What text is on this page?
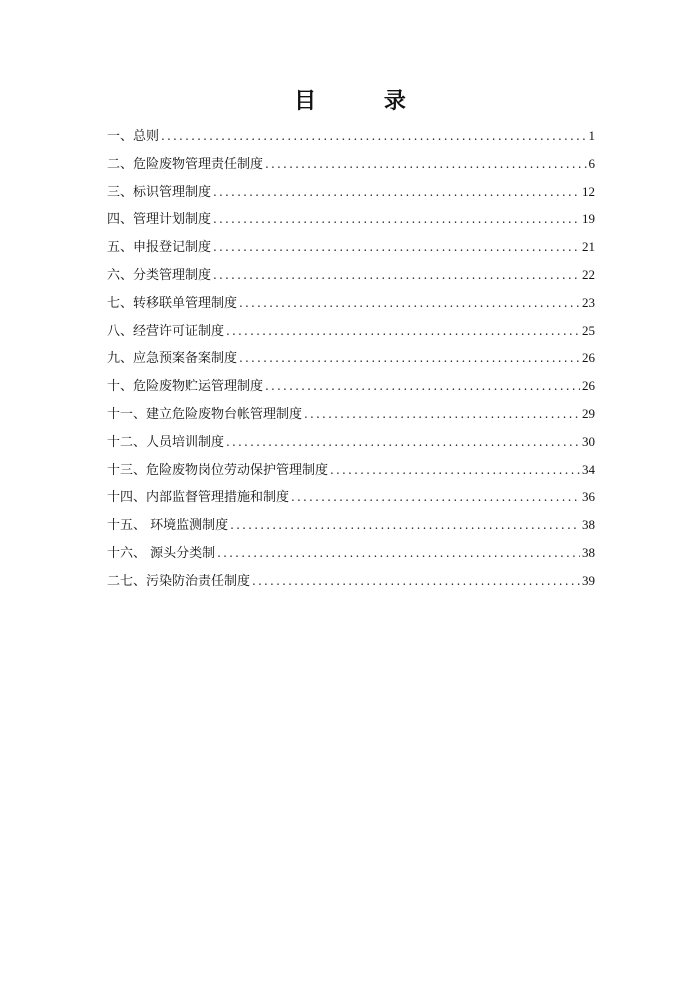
目 录
一、总则 .....	1
二、危险废物管理责任制度 .....	6
三、标识管理制度 .....	12
四、管理计划制度 .....	19
五、申报登记制度 .....	21
六、分类管理制度 .....	22
七、转移联单管理制度 .....	23
八、经营许可证制度 .....	25
九、应急预案备案制度 .....	26
十、危险废物贮运管理制度 .....	26
十一、建立危险废物台帐管理制度 .....	29
十二、人员培训制度 .....	30
十三、危险废物岗位劳动保护管理制度 .....	34
十四、内部监督管理措施和制度 .....	36
十五、 环境监测制度 .....	38
十六、 源头分类制 .....	38
二七、污染防治责任制度 .....	39
